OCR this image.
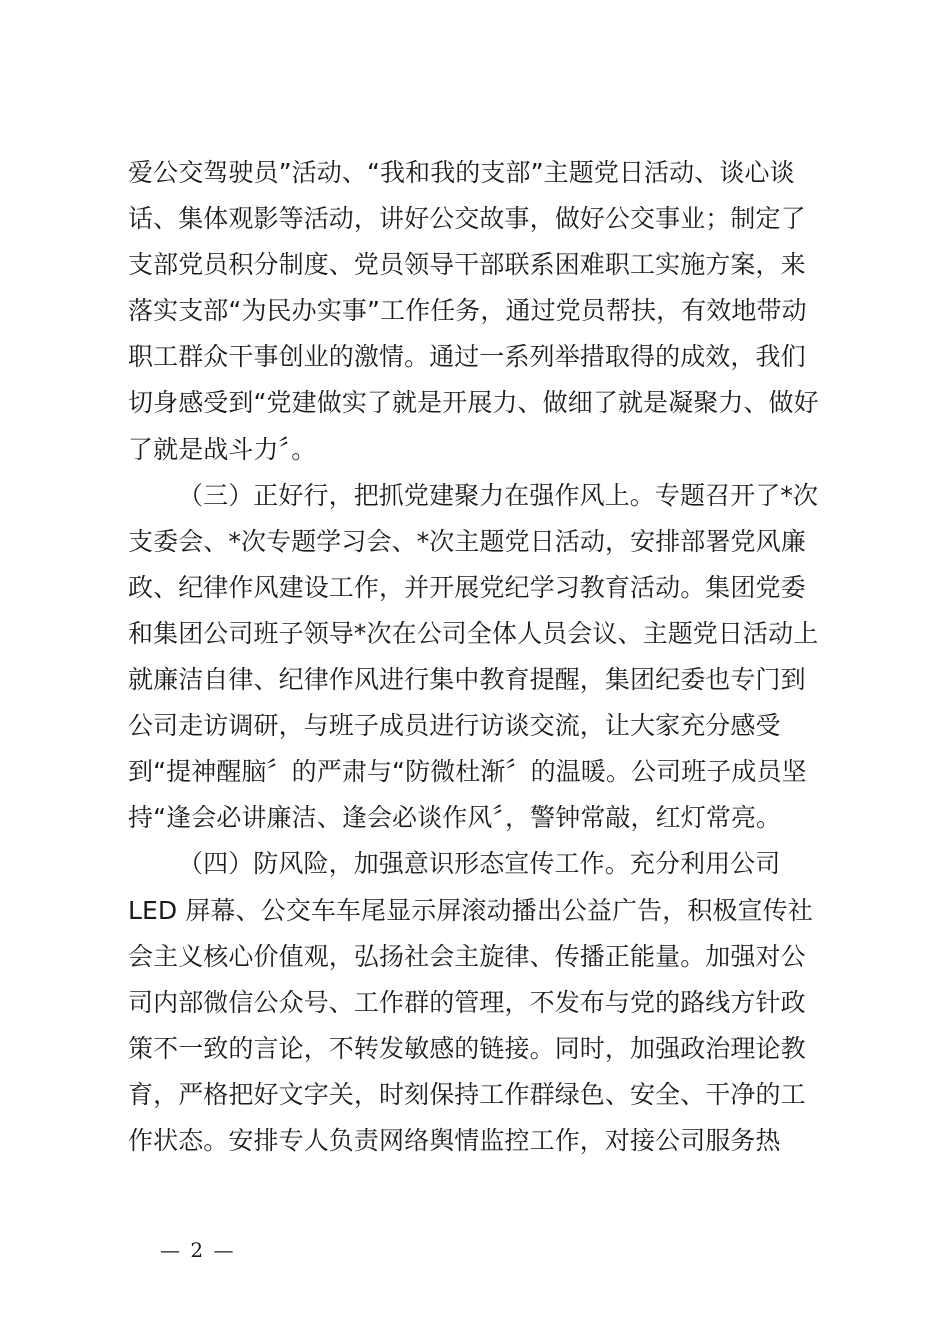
爱公交驾驶员”活动、“我和我的支部”主题党日活动、谈心谈
话、集体观影等活动，讲好公交故事，做好公交事业；制定了
支部党员积分制度、党员领导干部联系困难职工实施方案，来
落实支部“为民办实事”工作任务，通过党员帮扶，有效地带动
职工群众干事创业的激情。通过一系列举措取得的成效，我们
切身感受到“党建做实了就是开展力、做细了就是凝聚力、做好
了就是战斗力〞。
（三）正好行，把抓党建聚力在强作风上。专题召开了*次
支委会、*次专题学习会、*次主题党日活动，安排部署党风廉
政、纪律作风建设工作，并开展党纪学习教育活动。集团党委
和集团公司班子领导*次在公司全体人员会议、主题党日活动上
就廉洁自律、纪律作风进行集中教育提醒，集团纪委也专门到
公司走访调研，与班子成员进行访谈交流，让大家充分感受
到“提神醒脑〞的严肃与“防微杜渐〞的温暖。公司班子成员坚
持“逢会必讲廉洁、逢会必谈作风〞，警钟常敲，红灯常亮。
（四）防风险，加强意识形态宣传工作。充分利用公司
LED 屏幕、公交车车尾显示屏滚动播出公益广告，积极宣传社
会主义核心价值观，弘扬社会主旋律、传播正能量。加强对公
司内部微信公众号、工作群的管理，不发布与党的路线方针政
策不一致的言论，不转发敏感的链接。同时，加强政治理论教
育，严格把好文字关，时刻保持工作群绿色、安全、干净的工
作状态。安排专人负责网络舆情监控工作，对接公司服务热
— 2 —
